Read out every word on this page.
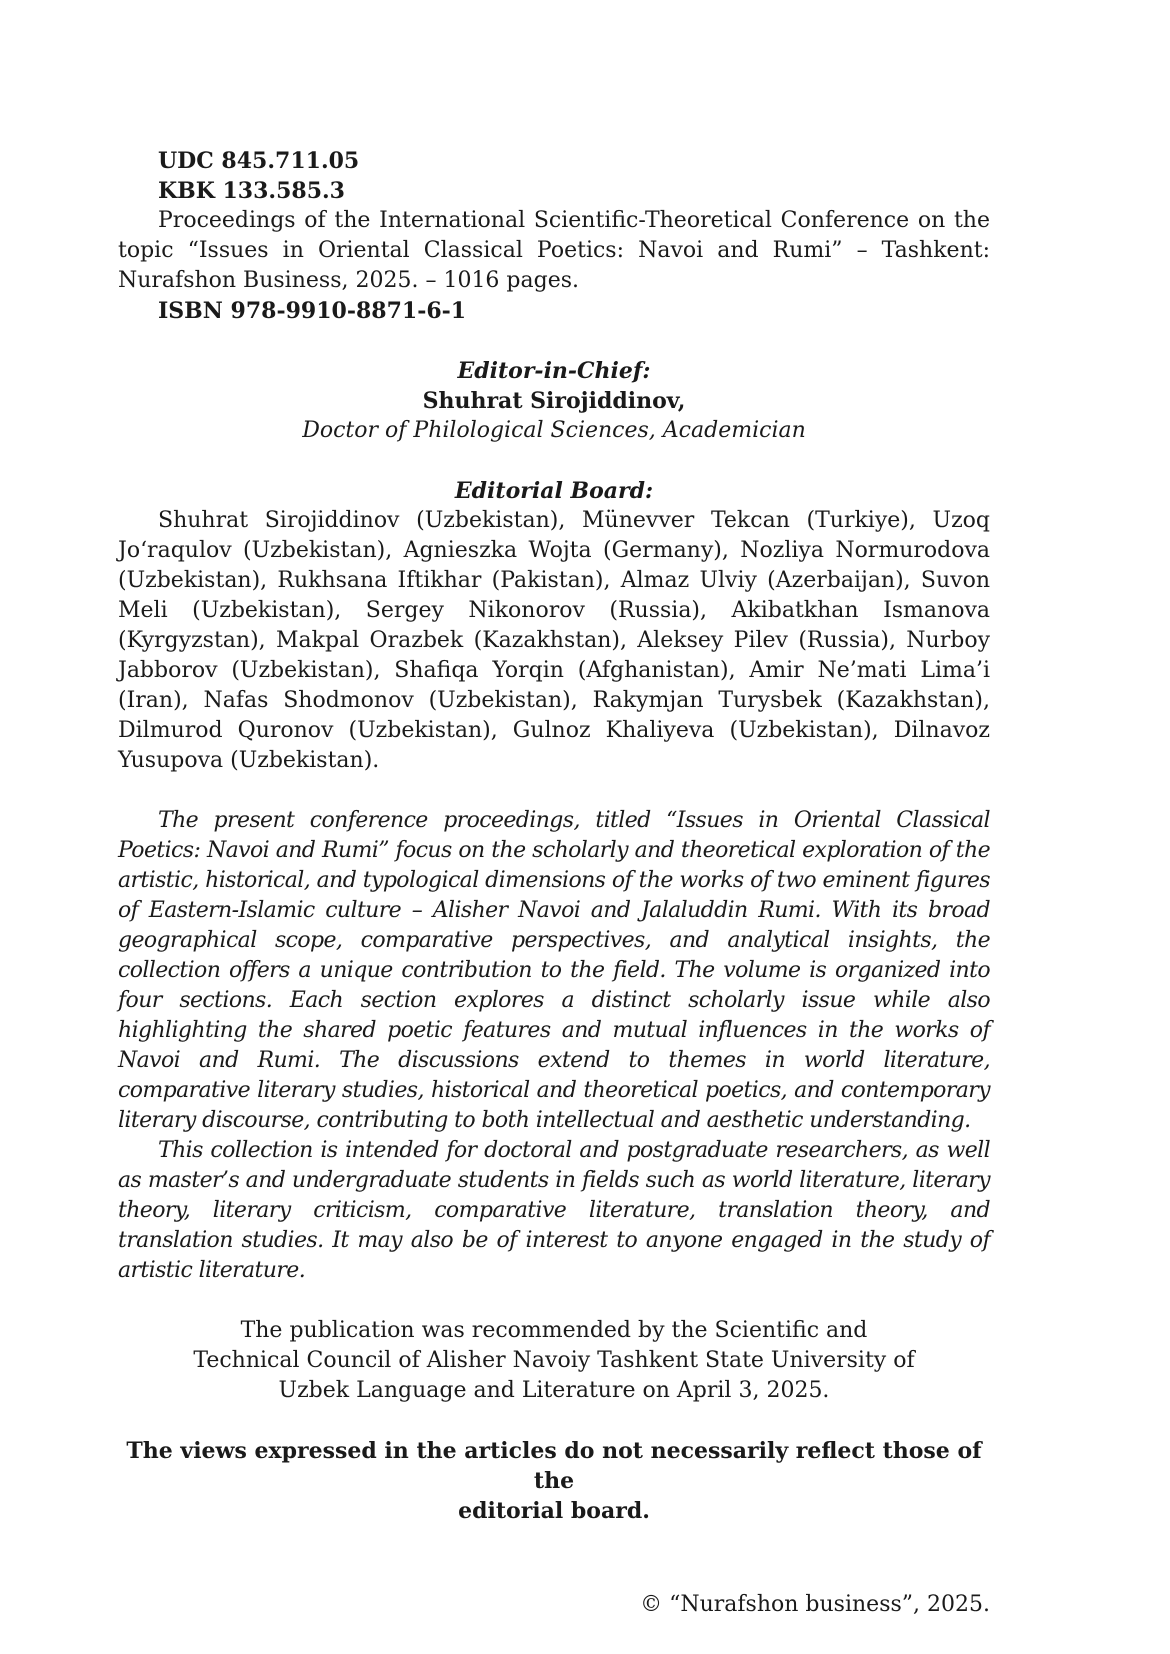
UDC 845.711.05
KBK 133.585.3

Proceedings of the International Scientific-Theoretical Conference on the topic “Issues in Oriental Classical Poetics: Navoi and Rumi” – Tashkent: Nurafshon Business, 2025. – 1016 pages.

ISBN 978-9910-8871-6-1
Editor-in-Chief:
Shuhrat Sirojiddinov,
Doctor of Philological Sciences, Academician
Editorial Board:

Shuhrat Sirojiddinov (Uzbekistan), Münevver Tekcan (Turkiye), Uzoq Jo‘raqulov (Uzbekistan), Agnieszka Wojta (Germany), Nozliya Normurodova (Uzbekistan), Rukhsana Iftikhar (Pakistan), Almaz Ulviy (Azerbaijan), Suvon Meli (Uzbekistan), Sergey Nikonorov (Russia), Akibatkhan Ismanova (Kyrgyzstan), Makpal Orazbek (Kazakhstan), Aleksey Pilev (Russia), Nurboy Jabborov (Uzbekistan), Shafiqa Yorqin (Afghanistan), Amir Ne’mati Lima’i (Iran), Nafas Shodmonov (Uzbekistan), Rakymjan Turysbek (Kazakhstan), Dilmurod Quronov (Uzbekistan), Gulnoz Khaliyeva (Uzbekistan), Dilnavoz Yusupova (Uzbekistan).

The present conference proceedings, titled “Issues in Oriental Classical Poetics: Navoi and Rumi” focus on the scholarly and theoretical exploration of the artistic, historical, and typological dimensions of the works of two eminent figures of Eastern-Islamic culture – Alisher Navoi and Jalaluddin Rumi. With its broad geographical scope, comparative perspectives, and analytical insights, the collection offers a unique contribution to the field. The volume is organized into four sections. Each section explores a distinct scholarly issue while also highlighting the shared poetic features and mutual influences in the works of Navoi and Rumi. The discussions extend to themes in world literature, comparative literary studies, historical and theoretical poetics, and contemporary literary discourse, contributing to both intellectual and aesthetic understanding.

This collection is intended for doctoral and postgraduate researchers, as well as master’s and undergraduate students in fields such as world literature, literary theory, literary criticism, comparative literature, translation theory, and translation studies. It may also be of interest to anyone engaged in the study of artistic literature.

The publication was recommended by the Scientific and
Technical Council of Alisher Navoiy Tashkent State University of
Uzbek Language and Literature on April 3, 2025.
The views expressed in the articles do not necessarily reflect those of the
editorial board.
© “Nurafshon business”, 2025.
